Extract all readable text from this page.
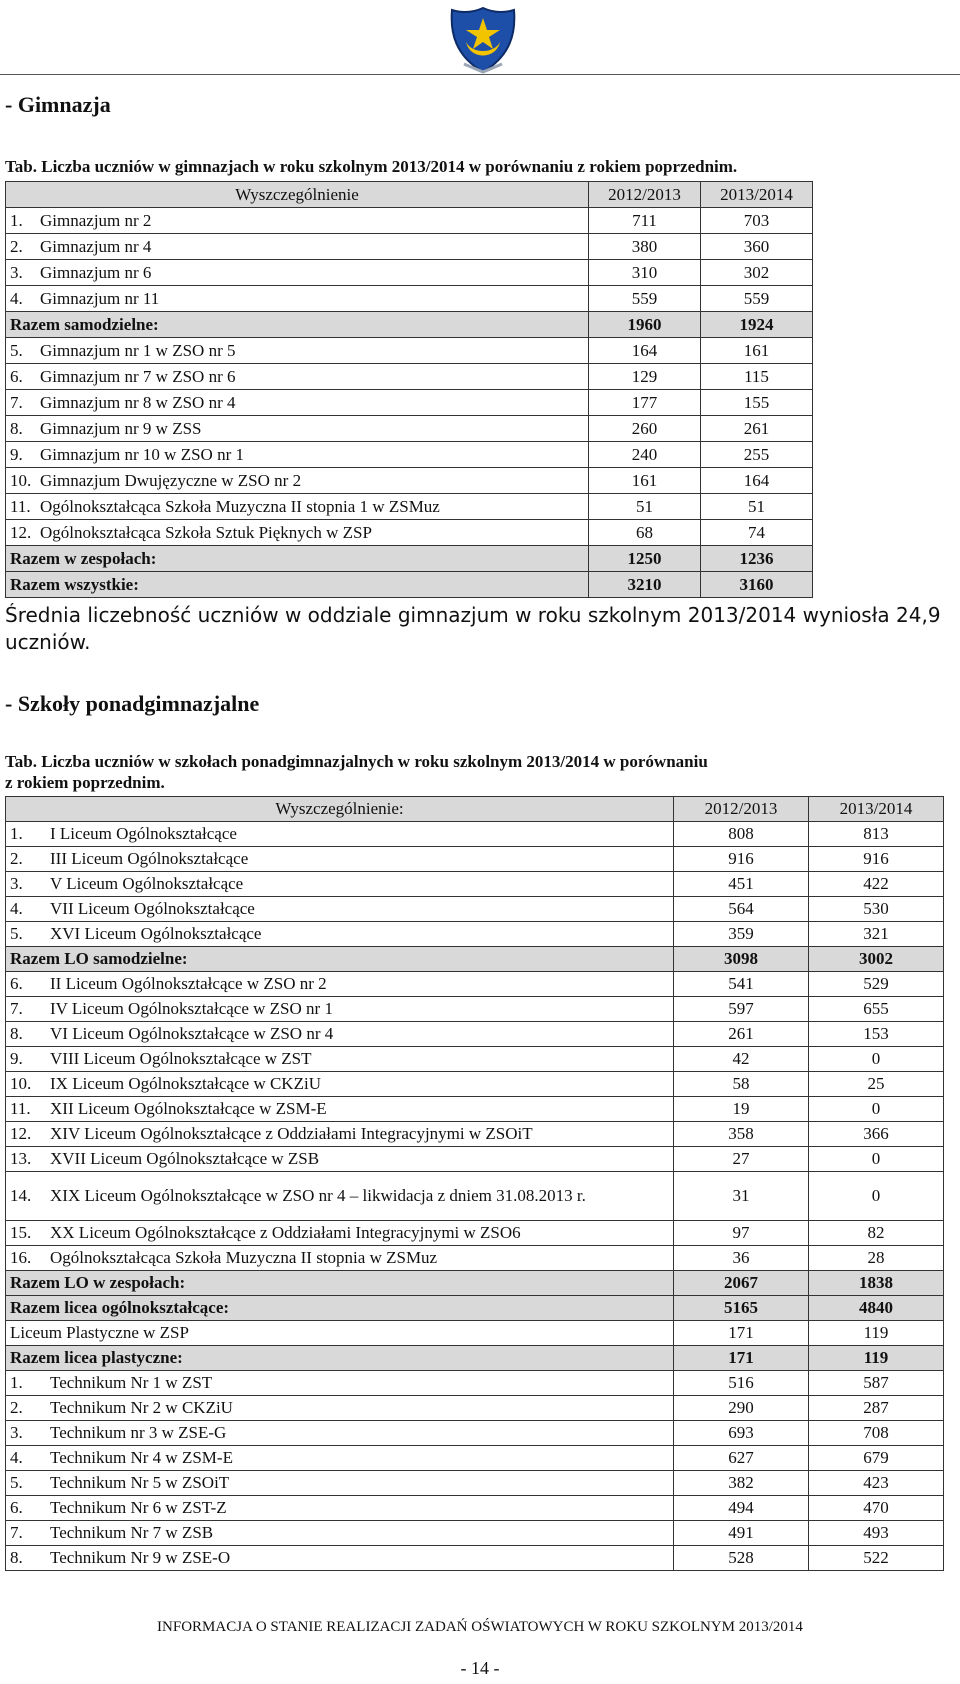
- Gimnazja
Tab. Liczba uczniów w gimnazjach w roku szkolnym 2013/2014 w porównaniu z rokiem poprzednim.
Wyszczególnienie	2012/2013	2013/2014
1. Gimnazjum nr 2	711	703
2. Gimnazjum nr 4	380	360
3. Gimnazjum nr 6	310	302
4. Gimnazjum nr 11	559	559
Razem samodzielne:	1960	1924
5. Gimnazjum nr 1 w ZSO nr 5	164	161
6. Gimnazjum nr 7 w ZSO nr 6	129	115
7. Gimnazjum nr 8 w ZSO nr 4	177	155
8. Gimnazjum nr 9 w ZSS	260	261
9. Gimnazjum nr 10 w ZSO nr 1	240	255
10. Gimnazjum Dwujęzyczne w ZSO nr 2	161	164
11. Ogólnokształcąca Szkoła Muzyczna II stopnia 1 w ZSMuz	51	51
12. Ogólnokształcąca Szkoła Sztuk Pięknych w ZSP	68	74
Razem w zespołach:	1250	1236
Razem wszystkie:	3210	3160
Średnia liczebność uczniów w oddziale gimnazjum w roku szkolnym 2013/2014 wyniosła 24,9 uczniów.
- Szkoły ponadgimnazjalne
Tab. Liczba uczniów w szkołach ponadgimnazjalnych w roku szkolnym 2013/2014 w porównaniu
z rokiem poprzednim.
Wyszczególnienie:	2012/2013	2013/2014
1. I Liceum Ogólnokształcące	808	813
2. III Liceum Ogólnokształcące	916	916
3. V Liceum Ogólnokształcące	451	422
4. VII Liceum Ogólnokształcące	564	530
5. XVI Liceum Ogólnokształcące	359	321
Razem LO samodzielne:	3098	3002
6. II Liceum Ogólnokształcące w ZSO nr 2	541	529
7. IV Liceum Ogólnokształcące w ZSO nr 1	597	655
8. VI Liceum Ogólnokształcące w ZSO nr 4	261	153
9. VIII Liceum Ogólnokształcące w ZST	42	0
10. IX Liceum Ogólnokształcące w CKZiU	58	25
11. XII Liceum Ogólnokształcące w ZSM-E	19	0
12. XIV Liceum Ogólnokształcące z Oddziałami Integracyjnymi w ZSOiT	358	366
13. XVII Liceum Ogólnokształcące w ZSB	27	0
14. XIX Liceum Ogólnokształcące w ZSO nr 4 – likwidacja z dniem 31.08.2013 r.	31	0
15. XX Liceum Ogólnokształcące z Oddziałami Integracyjnymi w ZSO6	97	82
16. Ogólnokształcąca Szkoła Muzyczna II stopnia w ZSMuz	36	28
Razem LO w zespołach:	2067	1838
Razem licea ogólnokształcące:	5165	4840
Liceum Plastyczne w ZSP	171	119
Razem licea plastyczne:	171	119
1. Technikum Nr 1 w ZST	516	587
2. Technikum Nr 2 w CKZiU	290	287
3. Technikum nr 3 w ZSE-G	693	708
4. Technikum Nr 4 w ZSM-E	627	679
5. Technikum Nr 5 w ZSOiT	382	423
6. Technikum Nr 6 w ZST-Z	494	470
7. Technikum Nr 7 w ZSB	491	493
8. Technikum Nr 9 w ZSE-O	528	522
INFORMACJA O STANIE REALIZACJI ZADAŃ OŚWIATOWYCH W ROKU SZKOLNYM 2013/2014
- 14 -
